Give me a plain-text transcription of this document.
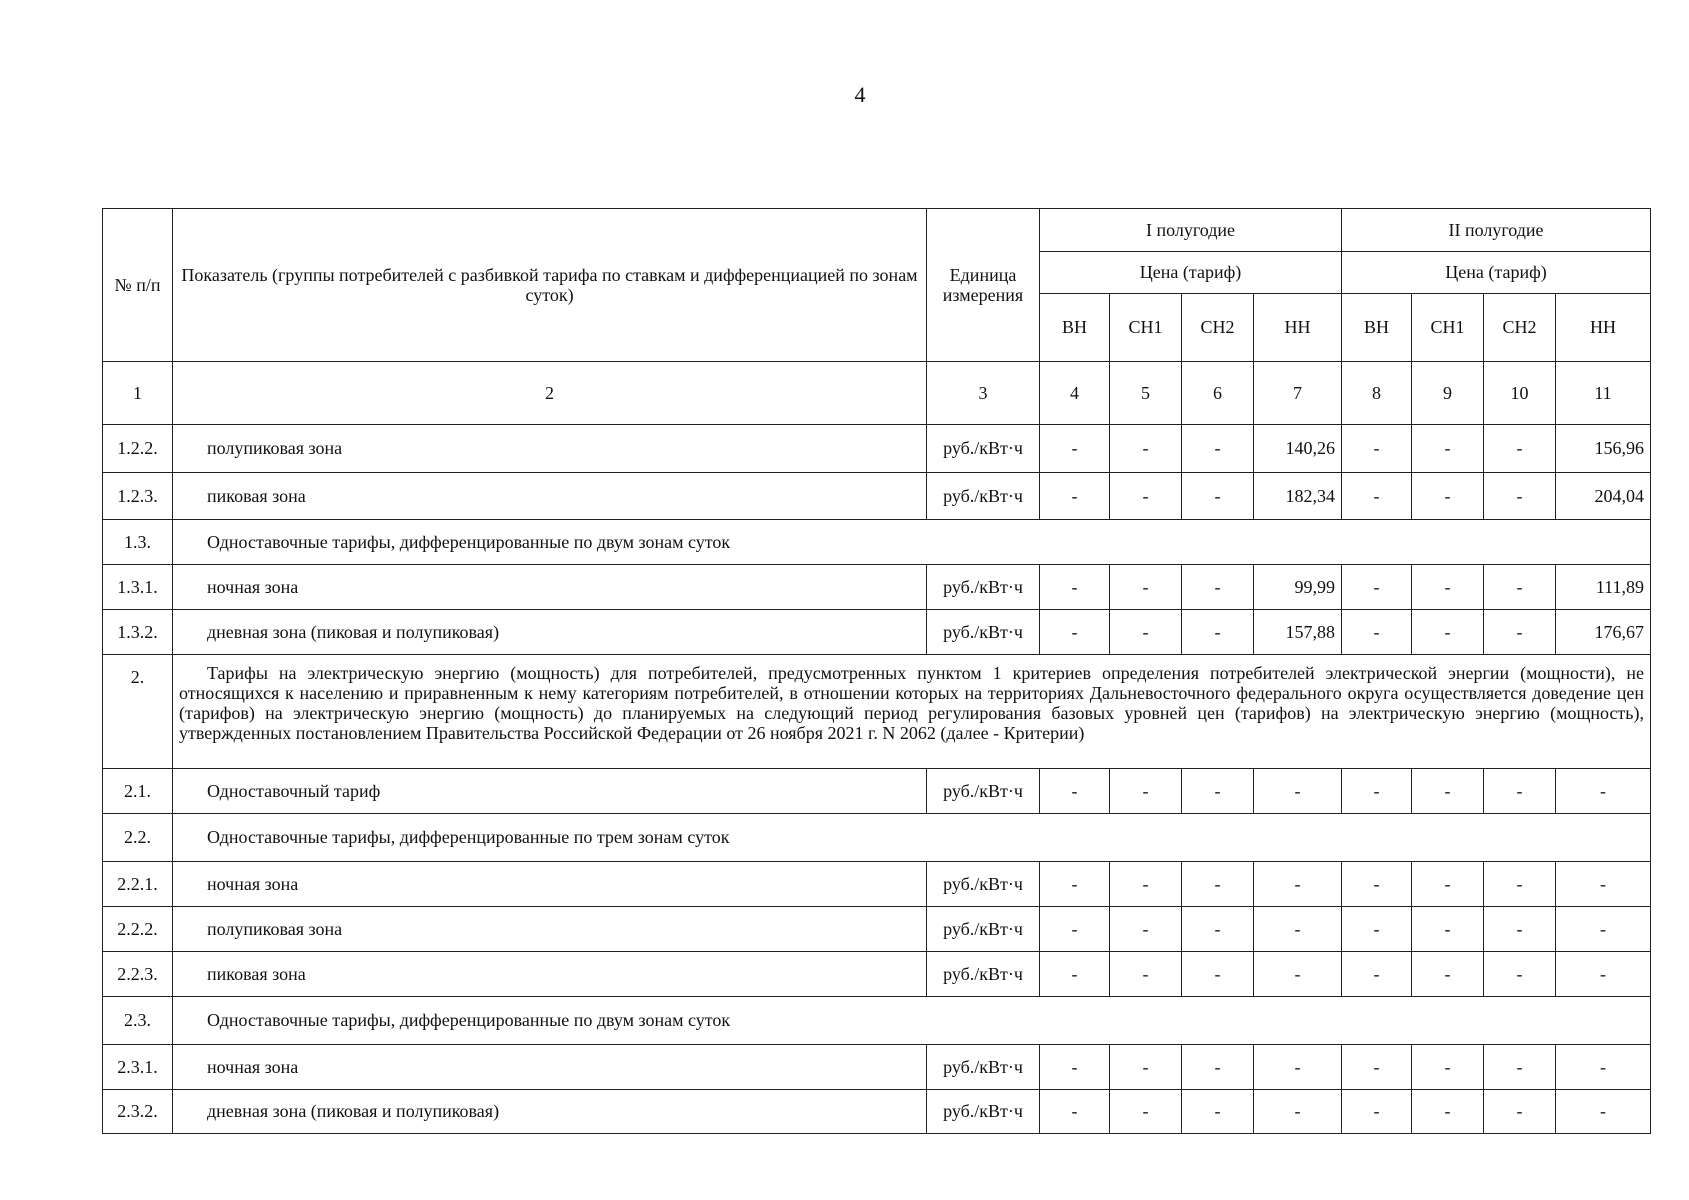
4
№ п/п	Показатель (группы потребителей с разбивкой тарифа по ставкам и дифференциацией по зонам суток)	Единица измерения	I полугодие				II полугодие			
			Цена (тариф)				Цена (тариф)			
			ВН	СН1	СН2	НН	ВН	СН1	СН2	НН
1	2	3	4	5	6	7	8	9	10	11
1.2.2.	полупиковая зона	руб./кВт·ч	-	-	-	140,26	-	-	-	156,96
1.2.3.	пиковая зона	руб./кВт·ч	-	-	-	182,34	-	-	-	204,04
1.3.	Одноставочные тарифы, дифференцированные по двум зонам суток									
1.3.1.	ночная зона	руб./кВт·ч	-	-	-	99,99	-	-	-	111,89
1.3.2.	дневная зона (пиковая и полупиковая)	руб./кВт·ч	-	-	-	157,88	-	-	-	176,67
2.	Тарифы на электрическую энергию (мощность) для потребителей, предусмотренных пунктом 1 критериев определения потребителей электрической энергии (мощности), не относящихся к населению и приравненным к нему категориям потребителей, в отношении которых на территориях Дальневосточного федерального округа осуществляется доведение цен (тарифов) на электрическую энергию (мощность) до планируемых на следующий период регулирования базовых уровней цен (тарифов) на электрическую энергию (мощность), утвержденных постановлением Правительства Российской Федерации от 26 ноября 2021 г. N 2062 (далее - Критерии)									
2.1.	Одноставочный тариф	руб./кВт·ч	-	-	-	-	-	-	-	-
2.2.	Одноставочные тарифы, дифференцированные по трем зонам суток									
2.2.1.	ночная зона	руб./кВт·ч	-	-	-	-	-	-	-	-
2.2.2.	полупиковая зона	руб./кВт·ч	-	-	-	-	-	-	-	-
2.2.3.	пиковая зона	руб./кВт·ч	-	-	-	-	-	-	-	-
2.3.	Одноставочные тарифы, дифференцированные по двум зонам суток									
2.3.1.	ночная зона	руб./кВт·ч	-	-	-	-	-	-	-	-
2.3.2.	дневная зона (пиковая и полупиковая)	руб./кВт·ч	-	-	-	-	-	-	-	-
